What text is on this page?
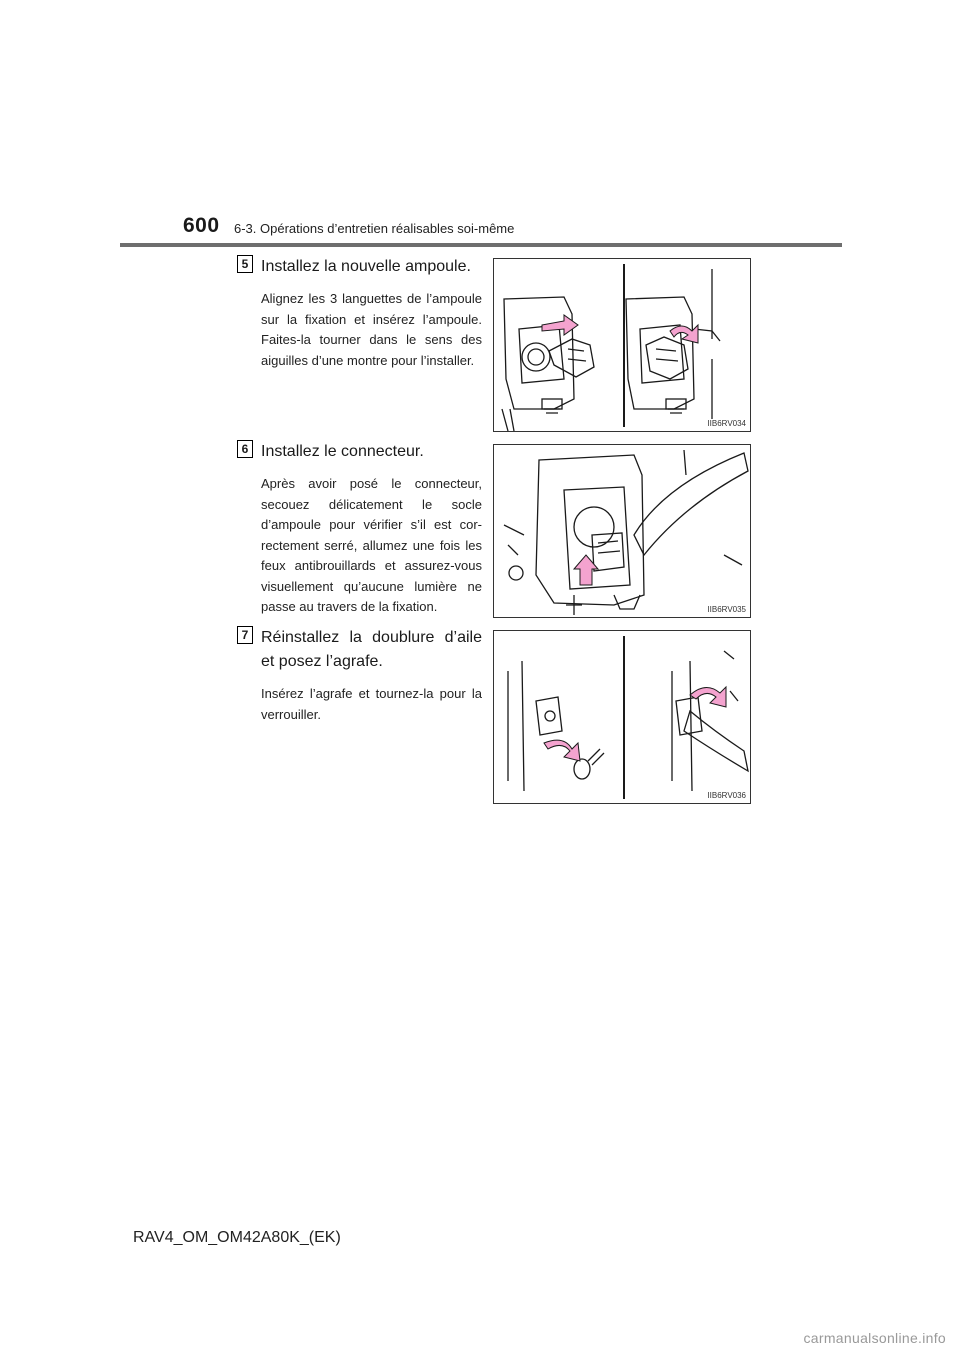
600 6-3. Opérations d’entretien réalisables soi-même
5 Installez la nouvelle ampoule.
Alignez les 3 languettes de l’ampoule sur la fixation et insérez l’ampoule. Faites-la tourner dans le sens des aiguilles d’une montre pour l’installer.
IIB6RV034
6 Installez le connecteur.
Après avoir posé le connecteur, secouez délicatement le socle d’ampoule pour vérifier s’il est cor-rectement serré, allumez une fois les feux antibrouillards et assurez-vous visuellement qu’aucune lumière ne passe au travers de la fixation.	IIB6RV035
7 Réinstallez la doublure d’aile et posez l’agrafe.
Insérez l’agrafe et tournez-la pour la verrouiller.
IIB6RV036
RAV4_OM_OM42A80K_(EK)
carmanualsonline.info
